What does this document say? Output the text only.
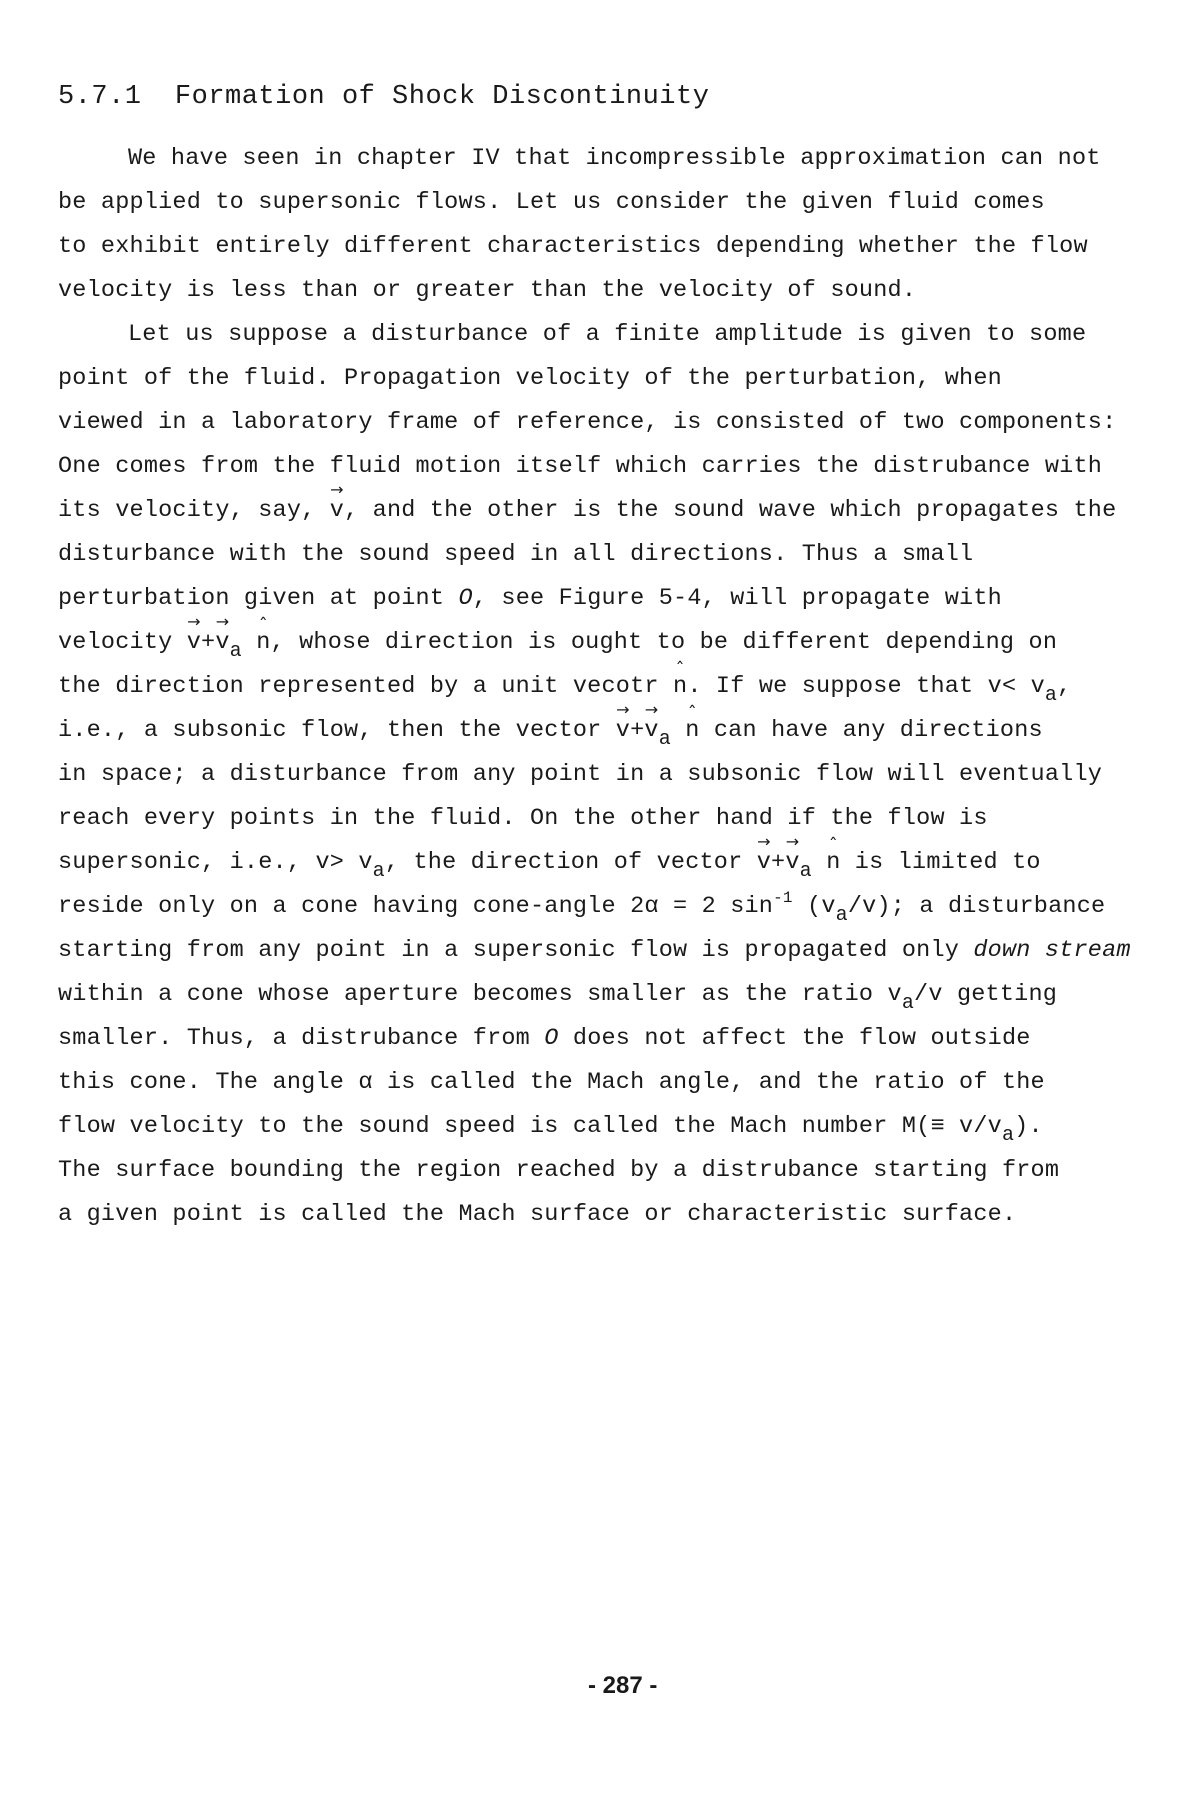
5.7.1 Formation of Shock Discontinuity
We have seen in chapter IV that incompressible approximation can not
be applied to supersonic flows. Let us consider the given fluid comes
to exhibit entirely different characteristics depending whether the flow
velocity is less than or greater than the velocity of sound.
Let us suppose a disturbance of a finite amplitude is given to some
point of the fluid. Propagation velocity of the perturbation, when
viewed in a laboratory frame of reference, is consisted of two components:
One comes from the fluid motion itself which carries the distrubance with
its velocity, say, → v, and the other is the sound wave which propagates the
disturbance with the sound speed in all directions. Thus a small
perturbation given at point O, see Figure 5-4, will propagate with
velocity → $v+\to v_a$ ˆ n, whose direction is ought to be different depending on
the direction represented by a unit vecotr ˆ n. If we suppose that $v< v_a$,
i.e., a subsonic flow, then the vector → $v+\to v_a$ ˆ n can have any directions
in space; a disturbance from any point in a subsonic flow will eventually
reach every points in the fluid. On the other hand if the flow is
supersonic, i.e., $v> v_a$, the direction of vector → $v+\to v_a$ ˆ n is limited to
reside only on a cone having cone-angle 2α = 2 $\sin^{-1} (v_a/v)$; a disturbance
starting from any point in a supersonic flow is propagated only down stream
within a cone whose aperture becomes smaller as the ratio $v_a/v$ getting
smaller. Thus, a distrubance from O does not affect the flow outside
this cone. The angle α is called the Mach angle, and the ratio of the
flow velocity to the sound speed is called the Mach number $M(\equiv v/v_a)$.
The surface bounding the region reached by a distrubance starting from
a given point is called the Mach surface or characteristic surface.
- 287 -
